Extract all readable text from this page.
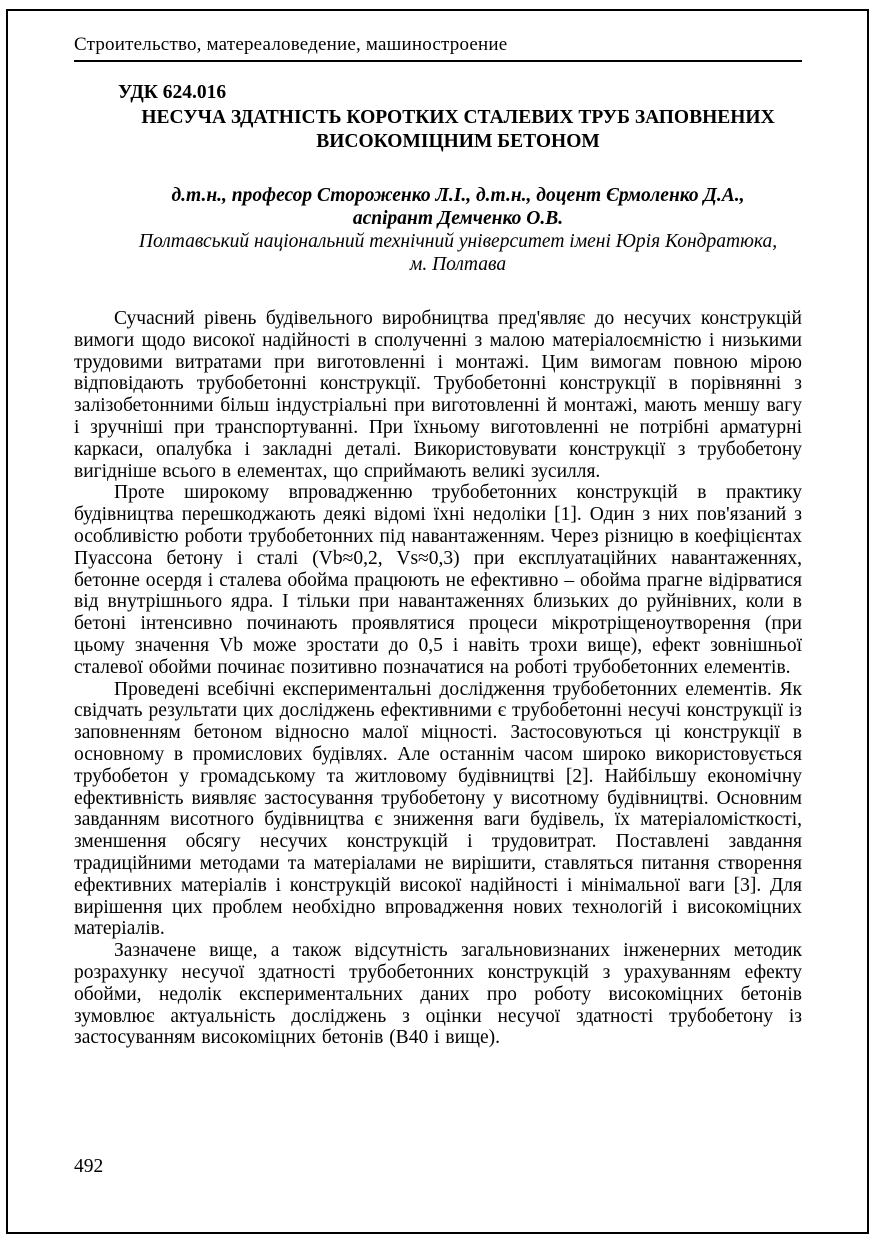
Строительство, матереаловедение, машиностроение
УДК 624.016
НЕСУЧА ЗДАТНІСТЬ КОРОТКИХ СТАЛЕВИХ ТРУБ ЗАПОВНЕНИХ
ВИСОКОМІЦНИМ БЕТОНОМ
д.т.н., професор Стороженко Л.І., д.т.н., доцент Єрмоленко Д.А.,
аспірант Демченко О.В.
Полтавський національний технічний університет імені Юрія Кондратюка,
м. Полтава

Сучасний рівень будівельного виробництва пред'являє до несучих конструкцій вимоги щодо високої надійності в сполученні з малою матеріалоємністю і низькими трудовими витратами при виготовленні і монтажі. Цим вимогам повною мірою відповідають трубобетонні конструкції. Трубобетонні конструкції в порівнянні з залізобетонними більш індустріальні при виготовленні й монтажі, мають меншу вагу і зручніші при транспортуванні. При їхньому виготовленні не потрібні арматурні каркаси, опалубка і закладні деталі. Використовувати конструкції з трубобетону вигідніше всього в елементах, що сприймають великі зусилля.

Проте широкому впровадженню трубобетонних конструкцій в практику будівництва перешкоджають деякі відомі їхні недоліки [1]. Один з них пов'язаний з особливістю роботи трубобетонних під навантаженням. Через різницю в коефіцієнтах Пуассона бетону і сталі (Vb≈0,2, Vs≈0,3) при експлуатаційних навантаженнях, бетонне осердя і сталева обойма працюють не ефективно – обойма прагне відірватися від внутрішнього ядра. І тільки при навантаженнях близьких до руйнівних, коли в бетоні інтенсивно починають проявлятися процеси мікротріщеноутворення (при цьому значення Vb може зростати до 0,5 і навіть трохи вище), ефект зовнішньої сталевої обойми починає позитивно позначатися на роботі трубобетонних елементів.

Проведені всебічні експериментальні дослідження трубобетонних елементів. Як свідчать результати цих досліджень ефективними є трубобетонні несучі конструкції із заповненням бетоном відносно малої міцності. Застосовуються ці конструкції в основному в промислових будівлях. Але останнім часом широко використовується трубобетон у громадському та житловому будівництві [2]. Найбільшу економічну ефективність виявляє застосування трубобетону у висотному будівництві. Основним завданням висотного будівництва є зниження ваги будівель, їх матеріаломісткості, зменшення обсягу несучих конструкцій і трудовитрат. Поставлені завдання традиційними методами та матеріалами не вирішити, ставляться питання створення ефективних матеріалів і конструкцій високої надійності і мінімальної ваги [3]. Для вирішення цих проблем необхідно впровадження нових технологій і високоміцних матеріалів.

Зазначене вище, а також відсутність загальновизнаних інженерних методик розрахунку несучої здатності трубобетонних конструкцій з урахуванням ефекту обойми, недолік експериментальних даних про роботу високоміцних бетонів зумовлює актуальність досліджень з оцінки несучої здатності трубобетону із застосуванням високоміцних бетонів (В40 і вище).

492
